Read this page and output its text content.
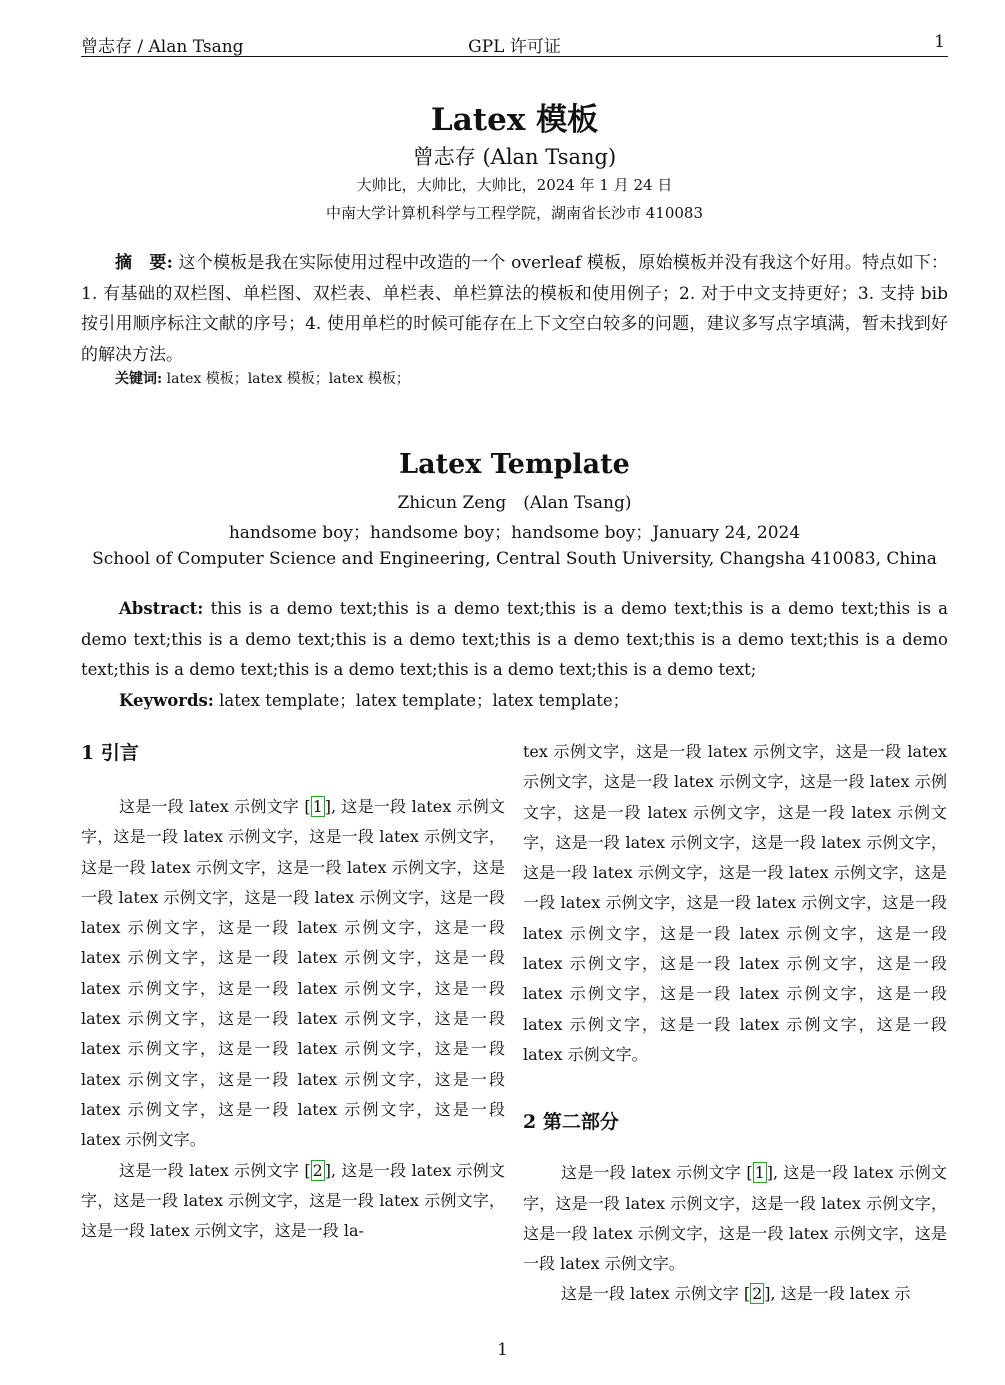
曾志存 / Alan Tsang	GPL 许可证	1
Latex 模板
曾志存 (Alan Tsang)
大帅比，大帅比，大帅比，2024 年 1 月 24 日
中南大学计算机科学与工程学院，湖南省长沙市 410083
摘　要: 这个模板是我在实际使用过程中改造的一个 overleaf 模板，原始模板并没有我这个好用。特点如下：1. 有基础的双栏图、单栏图、双栏表、单栏表、单栏算法的模板和使用例子；2. 对于中文支持更好；3. 支持 bib 按引用顺序标注文献的序号；4. 使用单栏的时候可能存在上下文空白较多的问题，建议多写点字填满，暂未找到好的解决方法。
关键词: latex 模板；latex 模板；latex 模板；
Latex Template
Zhicun Zeng　(Alan Tsang)
handsome boy；handsome boy；handsome boy；January 24, 2024
School of Computer Science and Engineering, Central South University, Changsha 410083, China
Abstract: this is a demo text;this is a demo text;this is a demo text;this is a demo text;this is a demo text;this is a demo text;this is a demo text;this is a demo text;this is a demo text;this is a demo text;this is a demo text;this is a demo text;this is a demo text;this is a demo text;
Keywords: latex template；latex template；latex template；
1 引言

这是一段 latex 示例文字 [ 1 ], 这是一段 latex 示例文字，这是一段 latex 示例文字，这是一段 latex 示例文字，这是一段 latex 示例文字，这是一段 latex 示例文字，这是一段 latex 示例文字，这是一段 latex 示例文字，这是一段 latex 示例文字，这是一段 latex 示例文字，这是一段 latex 示例文字，这是一段 latex 示例文字，这是一段 latex 示例文字，这是一段 latex 示例文字，这是一段 latex 示例文字，这是一段 latex 示例文字，这是一段 latex 示例文字，这是一段 latex 示例文字，这是一段 latex 示例文字，这是一段 latex 示例文字，这是一段 latex 示例文字，这是一段 latex 示例文字，这是一段 latex 示例文字。

这是一段 latex 示例文字 [ 2 ], 这是一段 latex 示例文字，这是一段 latex 示例文字，这是一段 latex 示例文字，这是一段 latex 示例文字，这是一段 la-

tex 示例文字，这是一段 latex 示例文字，这是一段 latex 示例文字，这是一段 latex 示例文字，这是一段 latex 示例文字，这是一段 latex 示例文字，这是一段 latex 示例文字，这是一段 latex 示例文字，这是一段 latex 示例文字，这是一段 latex 示例文字，这是一段 latex 示例文字，这是一段 latex 示例文字，这是一段 latex 示例文字，这是一段 latex 示例文字，这是一段 latex 示例文字，这是一段 latex 示例文字，这是一段 latex 示例文字，这是一段 latex 示例文字，这是一段 latex 示例文字，这是一段 latex 示例文字，这是一段 latex 示例文字，这是一段 latex 示例文字。

2 第二部分

这是一段 latex 示例文字 [ 1 ], 这是一段 latex 示例文字，这是一段 latex 示例文字，这是一段 latex 示例文字，这是一段 latex 示例文字，这是一段 latex 示例文字，这是一段 latex 示例文字。

这是一段 latex 示例文字 [ 2 ], 这是一段 latex 示

1
